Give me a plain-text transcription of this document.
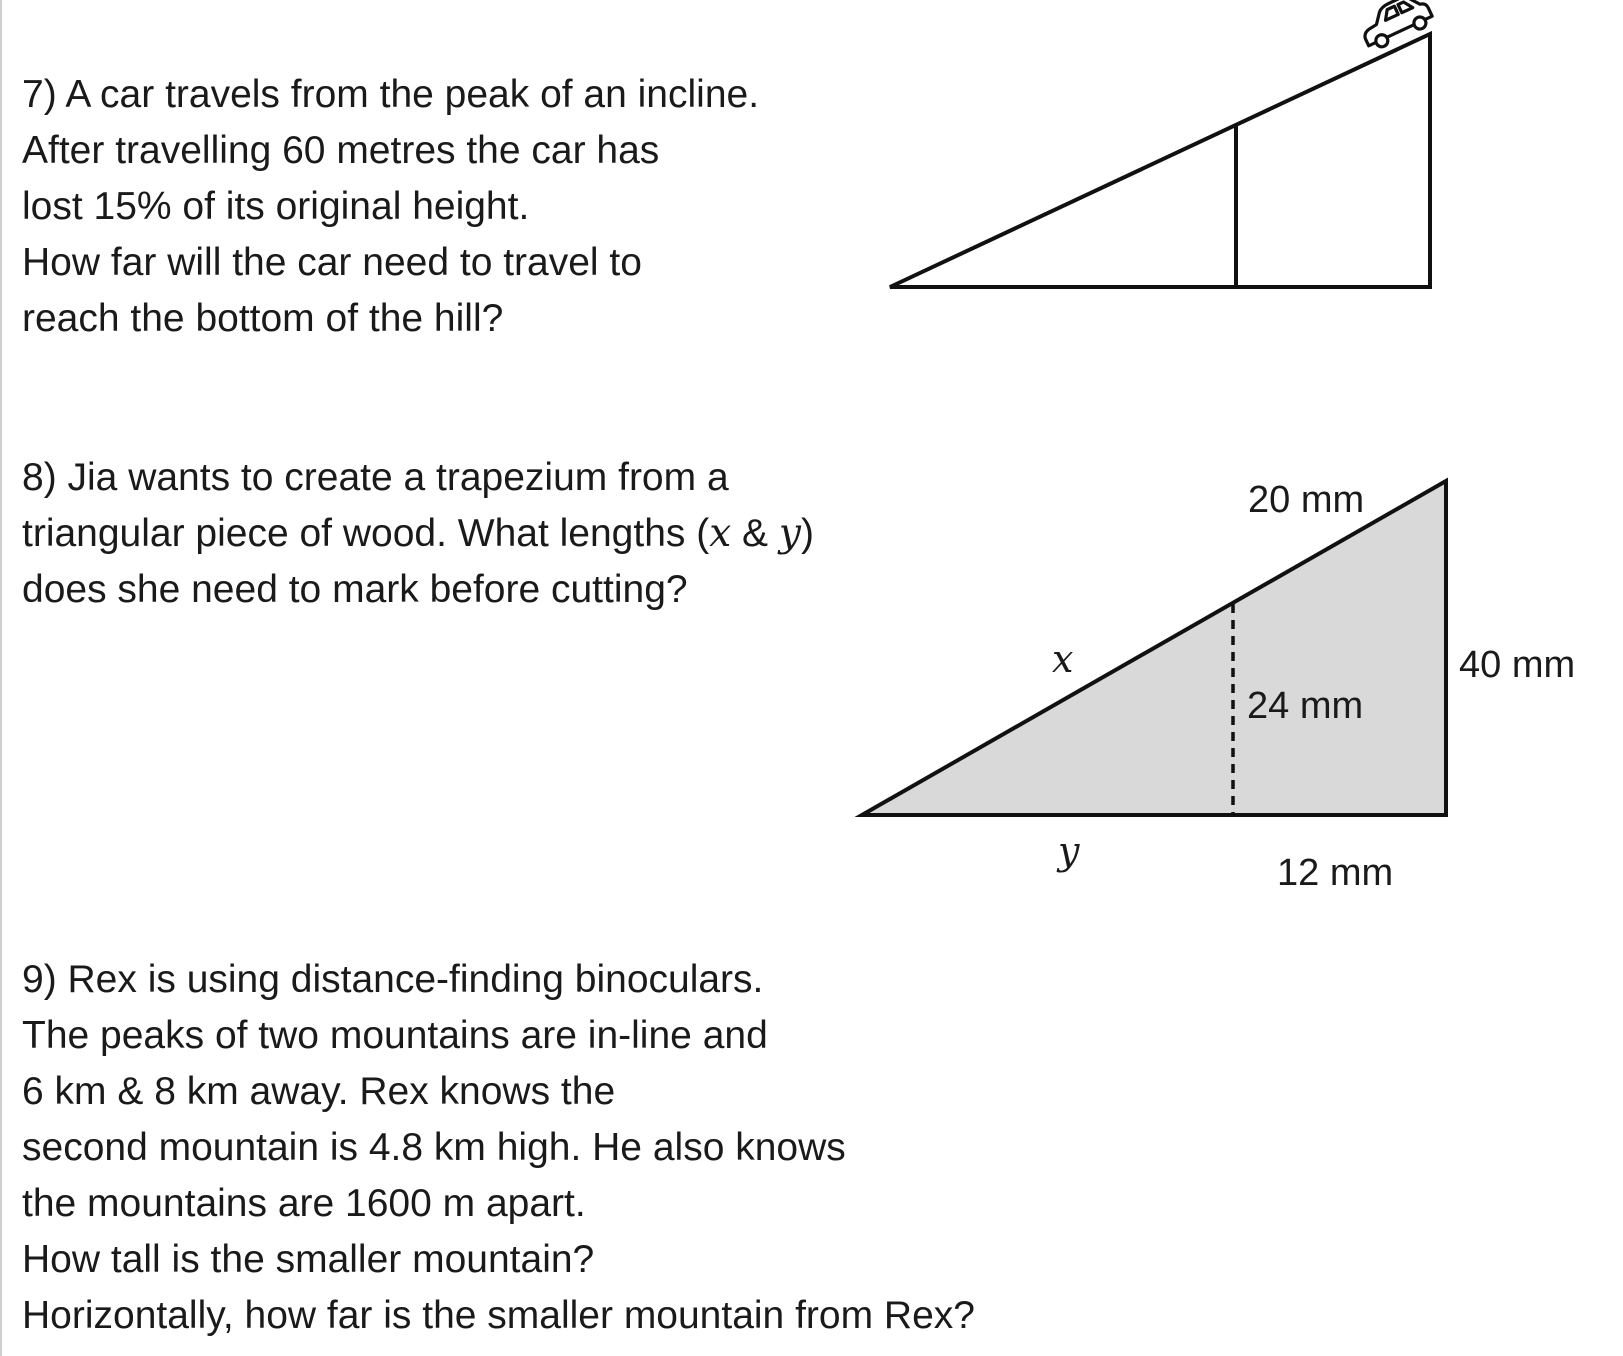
7) A car travels from the peak of an incline.

After travelling 60 metres the car has

lost 15% of its original height.

How far will the car need to travel to

reach the bottom of the hill?

8) Jia wants to create a trapezium from a

triangular piece of wood. What lengths (x & y)

does she need to mark before cutting?

9) Rex is using distance-finding binoculars.

The peaks of two mountains are in-line and

6 km & 8 km away. Rex knows the

second mountain is 4.8 km high. He also knows

the mountains are 1600 m apart.

How tall is the smaller mountain?

Horizontally, how far is the smaller mountain from Rex?

20 mm
40 mm
24 mm
12 mm
x
y
